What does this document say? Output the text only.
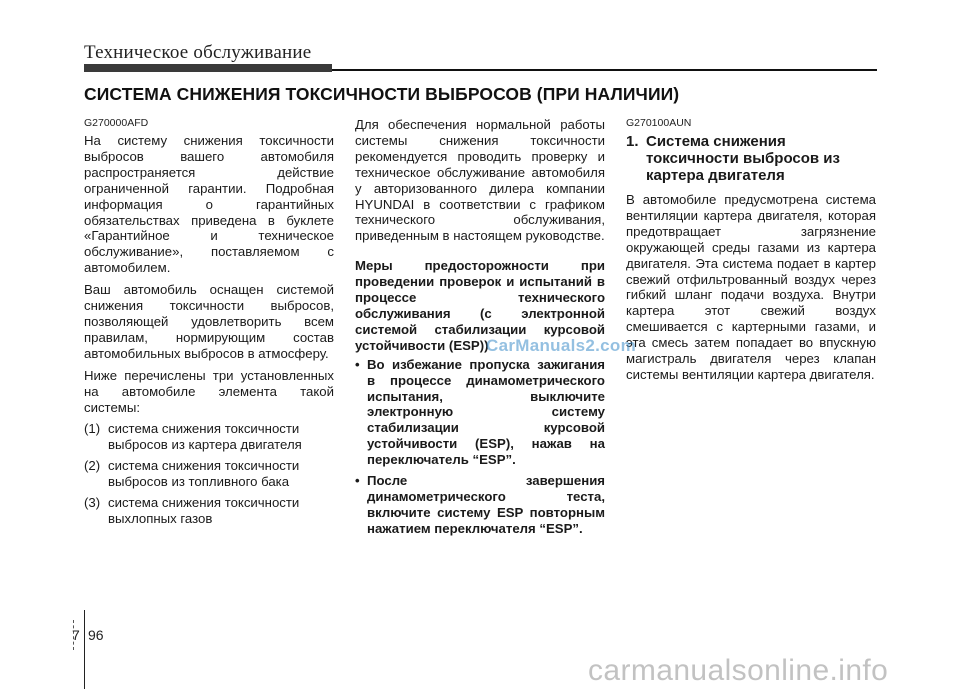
Техническое обслуживание
СИСТЕМА СНИЖЕНИЯ ТОКСИЧНОСТИ ВЫБРОСОВ (ПРИ НАЛИЧИИ)

G270000AFD

На систему снижения токсичности выбросов вашего автомобиля распространяется действие ограниченной гарантии. Подробная информация о гарантийных обязательствах приведена в буклете «Гарантийное и техническое обслуживание», поставляемом с автомобилем.

Ваш автомобиль оснащен системой снижения токсичности выбросов, позволяющей удовлетворить всем правилам, нормирующим состав автомобильных выбросов в атмосферу.

Ниже перечислены три установленных на автомобиле элемента такой системы:

(1) система снижения токсичности выбросов из картера двигателя
(2) система снижения токсичности выбросов из топливного бака
(3) система снижения токсичности выхлопных газов

Для обеспечения нормальной работы системы снижения токсичности рекомендуется проводить проверку и техническое обслуживание автомобиля у авторизованного дилера компании HYUNDAI в соответствии с графиком технического обслуживания, приведенным в настоящем руководстве.

Меры предосторожности при проведении проверок и испытаний в процессе технического обслуживания (с электронной системой стабилизации курсовой устойчивости (ESP))

• Во избежание пропуска зажигания в процессе динамометрического испытания, выключите электронную систему стабилизации курсовой устойчивости (ESP), нажав на переключатель “ESP”.
• После завершения динамометрического теста, включите систему ESP повторным нажатием переключателя “ESP”.

G270100AUN

1. Система снижения токсичности выбросов из картера двигателя

В автомобиле предусмотрена система вентиляции картера двигателя, которая предотвращает загрязнение окружающей среды газами из картера двигателя. Эта система подает в картер свежий отфильтрованный воздух через гибкий шланг подачи воздуха. Внутри картера этот свежий воздух смешивается с картерными газами, и эта смесь затем попадает во впускную магистраль двигателя через клапан системы вентиляции картера двигателя.

CarManuals2.com
7 96
carmanualsonline.info
